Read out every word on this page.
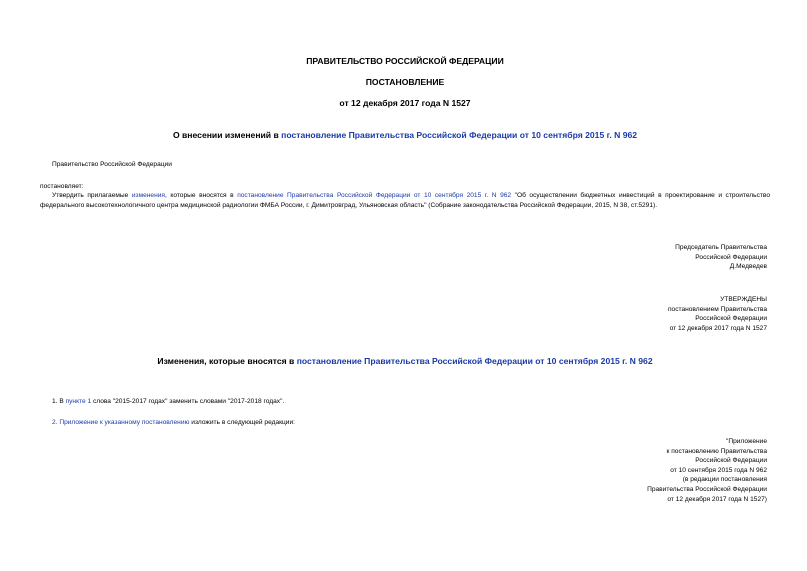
ПРАВИТЕЛЬСТВО РОССИЙСКОЙ ФЕДЕРАЦИИ
ПОСТАНОВЛЕНИЕ
от 12 декабря 2017 года N 1527
О внесении изменений в постановление Правительства Российской Федерации от 10 сентября 2015 г. N 962
Правительство Российской Федерации
постановляет:
Утвердить прилагаемые изменения, которые вносятся в постановление Правительства Российской Федерации от 10 сентября 2015 г. N 962 "Об осуществлении бюджетных инвестиций в проектирование и строительство федерального высокотехнологичного центра медицинской радиологии ФМБА России, г. Димитровград, Ульяновская область" (Собрание законодательства Российской Федерации, 2015, N 38, ст.5291).
Председатель Правительства
Российской Федерации
Д.Медведев
УТВЕРЖДЕНЫ
постановлением Правительства
Российской Федерации
от 12 декабря 2017 года N 1527
Изменения, которые вносятся в постановление Правительства Российской Федерации от 10 сентября 2015 г. N 962
1. В пункте 1 слова "2015-2017 годах" заменить словами "2017-2018 годах".
2. Приложение к указанному постановлению изложить в следующей редакции:
"Приложение
к постановлению Правительства
Российской Федерации
от 10 сентября 2015 года N 962
(в редакции постановления
Правительства Российской Федерации
от 12 декабря 2017 года N 1527)
